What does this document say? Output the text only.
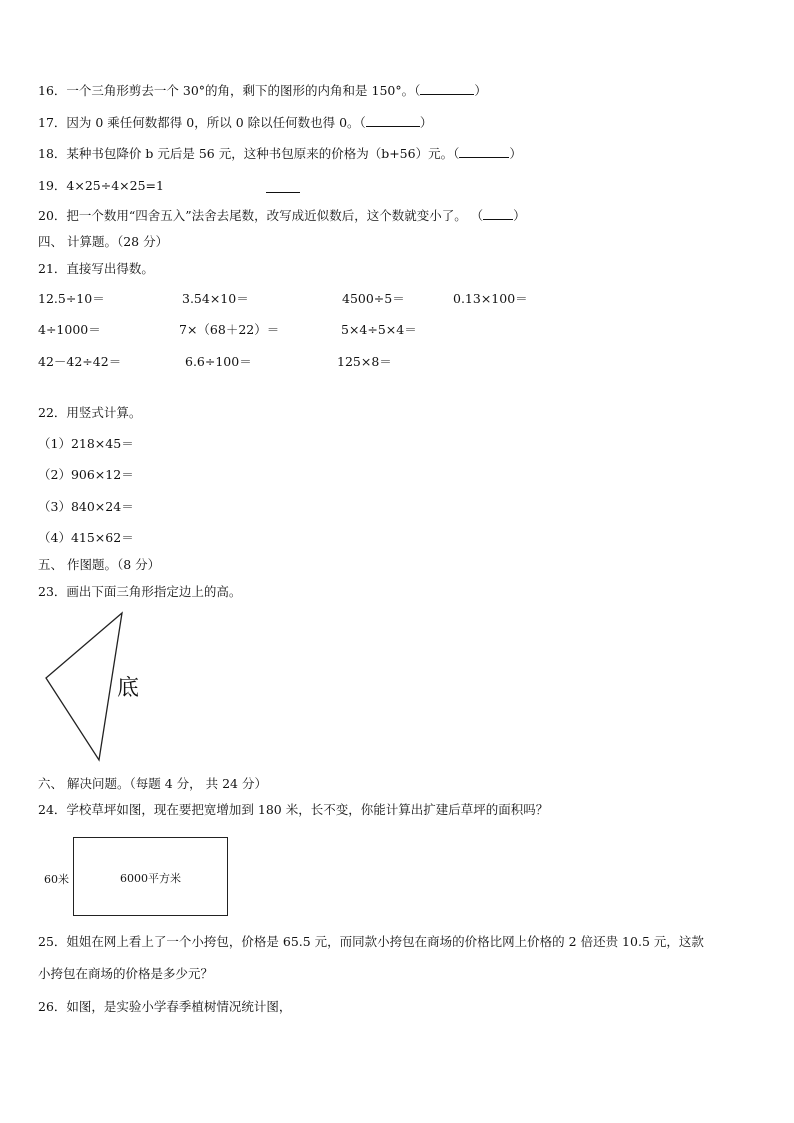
16．一个三角形剪去一个 30°的角，剩下的图形的内角和是 150°。（	）
17．因为 0 乘任何数都得 0，所以 0 除以任何数也得 0。（	）
18．某种书包降价 b 元后是 56 元，这种书包原来的价格为（b+56）元。（	）
19．4×25÷4×25=1
20．把一个数用“四舍五入”法舍去尾数，改写成近似数后，这个数就变小了。 （ ）
四、 计算题。（28 分）
21．直接写出得数。
12.5÷10＝	3.54×10＝	4500÷5＝	0.13×100＝
4÷1000＝	7×（68＋22）＝	5×4÷5×4＝
42－42÷42＝	6.6÷100＝	125×8＝
22．用竖式计算。
（1）218×45＝
（2）906×12＝
（3）840×24＝
（4）415×62＝
五、 作图题。（8 分）
23．画出下面三角形指定边上的高。
底
六、 解决问题。（每题 4 分， 共 24 分）
24．学校草坪如图，现在要把宽增加到 180 米，长不变，你能计算出扩建后草坪的面积吗？
60米	6000平方米
25．姐姐在网上看上了一个小挎包，价格是 65.5 元，而同款小挎包在商场的价格比网上价格的 2 倍还贵 10.5 元，这款
小挎包在商场的价格是多少元？
26．如图，是实验小学春季植树情况统计图，
